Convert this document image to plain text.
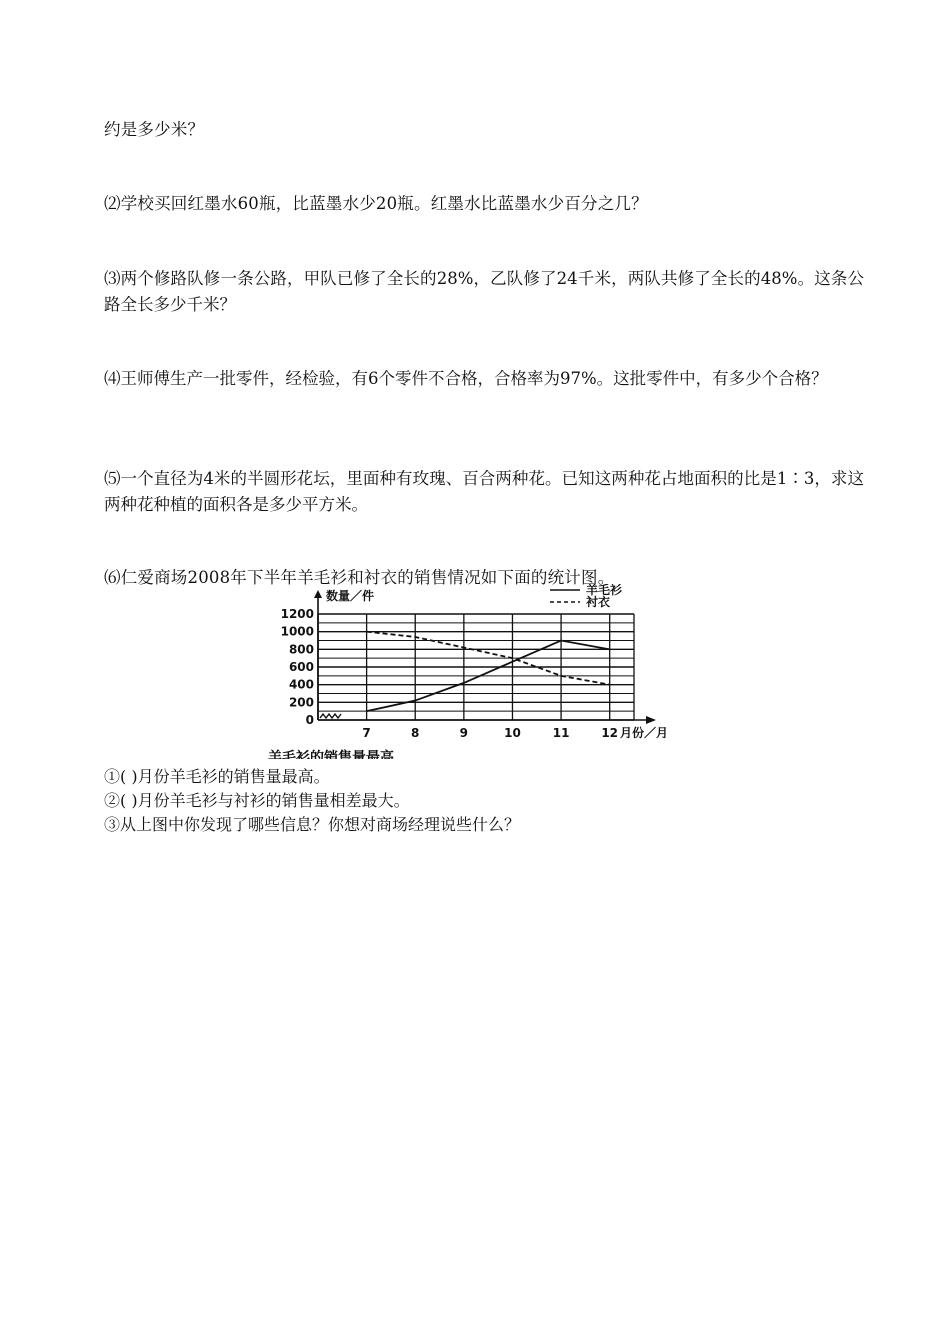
约是多少米？
⑵学校买回红墨水60瓶，比蓝墨水少20瓶。红墨水比蓝墨水少百分之几？
⑶两个修路队修一条公路，甲队已修了全长的28%，乙队修了24千米，两队共修了全长的48%。这条公路全长多少千米？
⑷王师傅生产一批零件，经检验，有6个零件不合格，合格率为97%。这批零件中，有多少个合格？
⑸一个直径为4米的半圆形花坛，里面种有玫瑰、百合两种花。已知这两种花占地面积的比是1∶3，求这两种花种植的面积各是多少平方米。
⑹仁爱商场2008年下半年羊毛衫和衬衣的销售情况如下面的统计图。
1200
1000
800
600
400
200
0
7	8	9	10	11	12
羊毛衫
衬衣
数量／件
月份／月
羊毛衫的销售量最高
①( )月份羊毛衫的销售量最高。
②( )月份羊毛衫与衬衫的销售量相差最大。
③从上图中你发现了哪些信息？你想对商场经理说些什么？
